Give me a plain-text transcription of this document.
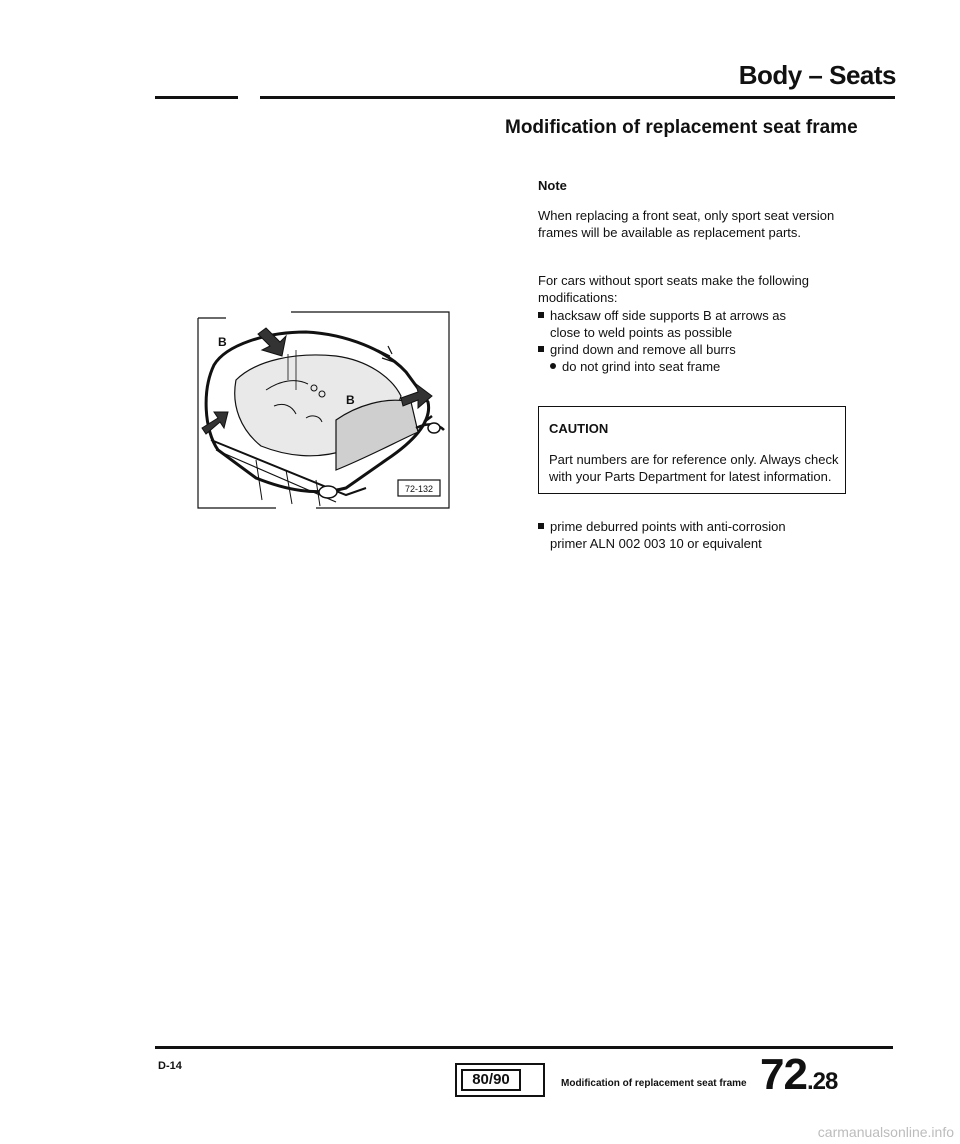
Body – Seats
Modification of replacement seat frame
Note
When replacing a front seat, only sport seat version frames will be available as replacement parts.
For cars without sport seats make the following modifications:
hacksaw off side supports B at arrows as
close to weld points as possible
grind down and remove all burrs
do not grind into seat frame
CAUTION
Part numbers are for reference only. Always check with your Parts Department for latest information.
prime deburred points with anti-corrosion
primer ALN 002 003 10 or equivalent
B
B
72-132
D-14
80/90	Modification of replacement seat frame 72.28
carmanualsonline.info
